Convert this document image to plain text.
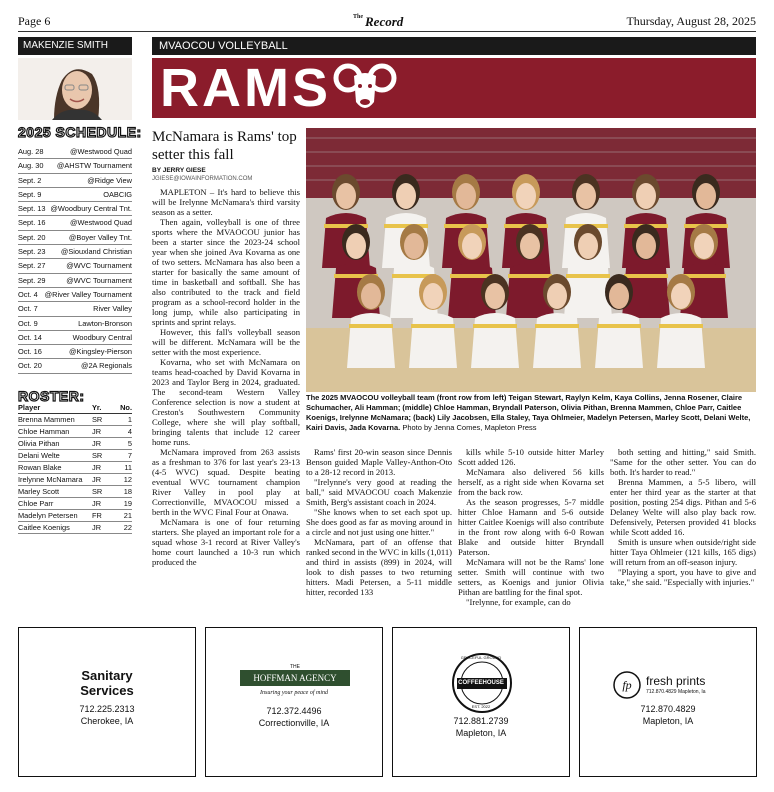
Page 6	$^{The}$ Record	Thursday, August 28, 2025
MAKENZIE SMITH
2025 SCHEDULE:
Aug. 28	@Westwood Quad
Aug. 30 @AHSTW Tournament
Sept. 2	@Ridge View
Sept. 9	OABCIG
Sept. 13 @Woodbury Central Tnt.
Sept. 16	@Westwood Quad
Sept. 20	@Boyer Valley Tnt.
Sept. 23 @Siouxland Christian
Sept. 27	@WVC Tournament
Sept. 29	@WVC Tournament
Oct. 4 @River Valley Tournament
Oct. 7	River Valley
Oct. 9	Lawton-Bronson
Oct. 14	Woodbury Central
Oct. 16	@Kingsley-Pierson
Oct. 20	@2A Regionals
ROSTER:
Player	Yr.	No.
Brenna Mammen	SR	1
Chloe Hamman	JR	4
Olivia Pithan	JR	5
Delani Welte	SR	7
Rowan Blake	JR	11
Irelynne McNamara	JR	12
Marley Scott	SR	18
Chloe Parr	JR	19
Madelyn Petersen	FR	21
Caitlee Koenigs	JR	22
MVAOCOU VOLLEYBALL
RAMS
McNamara is Rams' top setter this fall
BY JERRY GIESE
JGIESE@IOWAINFORMATION.COM

MAPLETON – It's hard to believe this will be Irelynne McNamara's third varsity season as a setter.

Then again, volleyball is one of three sports where the MVAOCOU junior has been a starter since the 2023-24 school year when she joined Ava Kovarna as one of two setters. McNamara has also been a starter for basically the same amount of time in basketball and softball. She has also contributed to the track and field program as a school-record holder in the long jump, while also participating in sprints and sprint relays.

However, this fall's volleyball season will be different. McNamara will be the setter with the most experience.

Kovarna, who set with McNamara on teams head-coached by David Kovarna in 2023 and Taylor Berg in 2024, graduated. The second-team Western Valley Conference selection is now a student at Creston's Southwestern Community College, where she will play softball, bringing talents that include 12 career home runs.

McNamara improved from 263 assists as a freshman to 376 for last year's 23-13 (4-5 WVC) squad. Despite beating eventual WVC tournament champion River Valley in pool play at Correctionville, MVAOCOU missed a berth in the WVC Final Four at Onawa.

McNamara is one of four returning starters. She played an important role for a squad whose 3-1 record at River Valley's home court launched a 10-3 run which produced the

Rams' first 20-win season since Dennis Benson guided Maple Valley-Anthon-Oto to a 28-12 record in 2013.

"Irelynne's very good at reading the ball," said MVAOCOU coach Makenzie Smith, Berg's assistant coach in 2024.

"She knows when to set each spot up. She does good as far as moving around in a circle and not just using one hitter."

McNamara, part of an offense that ranked second in the WVC in kills (1,011) and third in assists (899) in 2024, will look to dish passes to two returning hitters. Madi Petersen, a 5-11 middle hitter, recorded 133

kills while 5-10 outside hitter Marley Scott added 126.

McNamara also delivered 56 kills herself, as a right side when Kovarna set from the back row.

As the season progresses, 5-7 middle hitter Chloe Hamann and 5-6 outside hitter Caitlee Koenigs will also contribute in the front row along with 6-0 Rowan Blake and outside hitter Bryndall Paterson.

McNamara will not be the Rams' lone setter. Smith will continue with two setters, as Koenigs and junior Olivia Pithan are battling for the final spot.

"Irelynne, for example, can do

both setting and hitting," said Smith. "Same for the other setter. You can do both. It's harder to read."

Brenna Mammen, a 5-5 libero, will enter her third year as the starter at that position, posting 254 digs. Pithan and 5-6 Delaney Welte will also play back row. Defensively, Petersen provided 41 blocks while Scott added 16.

Smith is unsure when outside/right side hitter Taya Ohlmeier (121 kills, 165 digs) will return from an off-season injury.

"Playing a sport, you have to give and take," she said. "Especially with injuries."

The 2025 MVAOCOU volleyball team (front row from left) Teigan Stewart, Raylyn Kelm, Kaya Collins, Jenna Rosener, Claire Schumacher, Ali Hamman; (middle) Chloe Hamman, Bryndall Paterson, Olivia Pithan, Brenna Mammen, Chloe Parr, Caitlee Koenigs, Irelynne McNamara; (back) Lily Jacobsen, Ella Staley, Taya Ohlmeier, Madelyn Petersen, Marley Scott, Delani Welte, Kairi Davis, Jada Kovarna. Photo by Jenna Comes, Mapleton Press
Sanitary Services
712.225.2313
Cherokee, IA
THE
HOFFMAN AGENCY
Insuring your peace of mind
712.372.4496
Correctionville, IA
GRACEFUL GROUND
COFFEEHOUSE
EST. 2022
712.881.2739
Mapleton, IA
fp	fresh prints
712.870.4829 Mapleton, Ia
712.870.4829
Mapleton, IA
